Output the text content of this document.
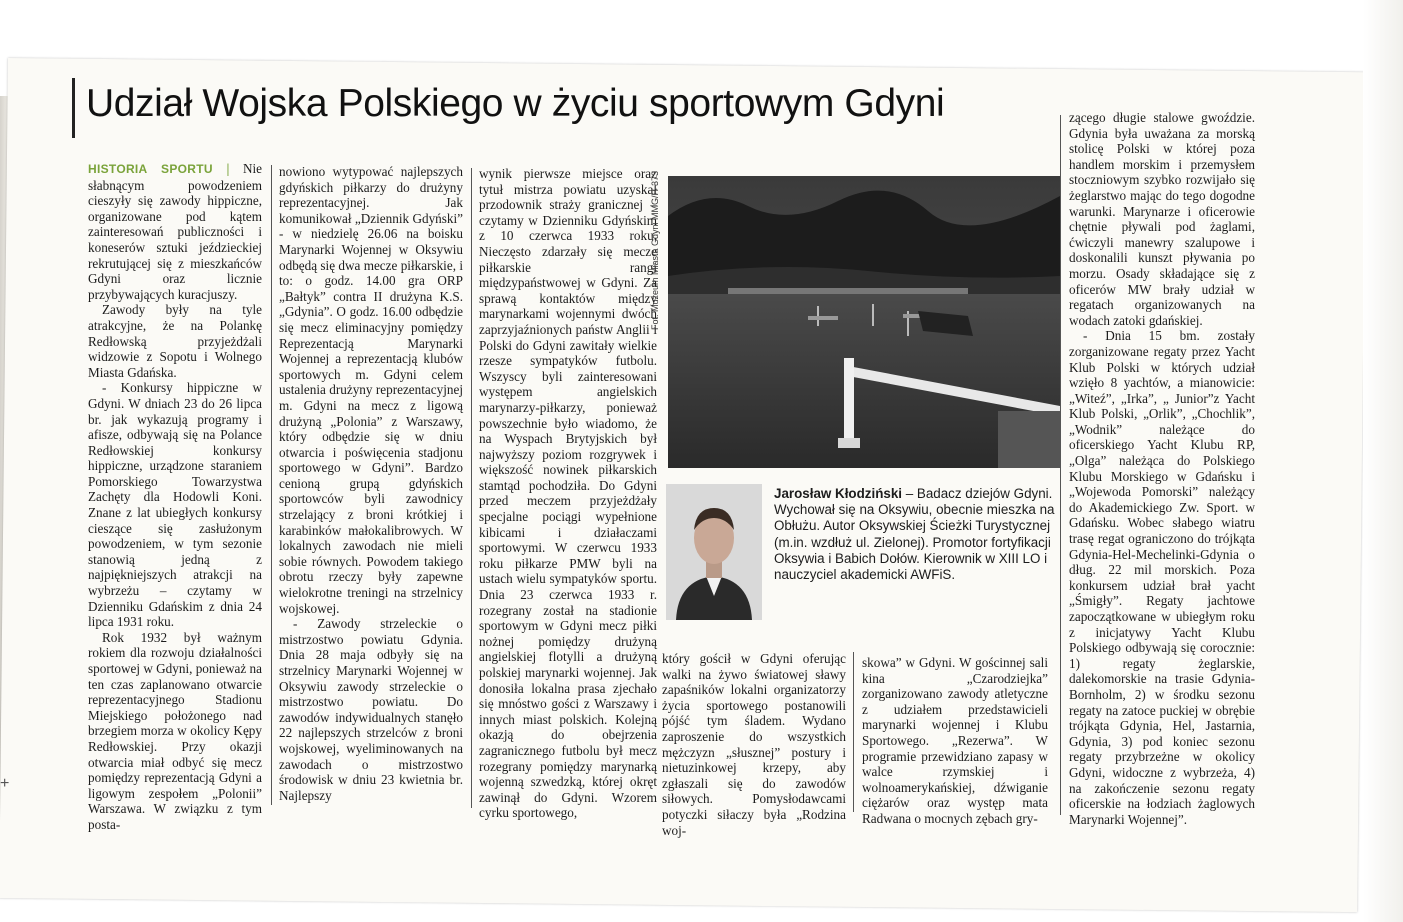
Udział Wojska Polskiego w życiu sportowym Gdyni

HISTORIA SPORTU | Nie słabnącym powodzeniem cieszyły się zawody hippiczne, organizowane pod kątem zainteresowań publiczności i koneserów sztuki jeździeckiej rekrutującej się z mieszkańców Gdyni oraz licznie przybywających kuracjuszy.

Zawody były na tyle atrakcyjne, że na Polankę Redłowską przyjeżdżali widzowie z Sopotu i Wolnego Miasta Gdańska.

- Konkursy hippiczne w Gdyni. W dniach 23 do 26 lipca br. jak wykazują programy i afisze, odbywają się na Polance Redłowskiej konkursy hippiczne, urządzone staraniem Pomorskiego Towarzystwa Zachęty dla Hodowli Koni. Znane z lat ubiegłych konkursy cieszące się zasłużonym powodzeniem, w tym sezonie stanowią jedną z najpiękniejszych atrakcji na wybrzeżu – czytamy w Dzienniku Gdańskim z dnia 24 lipca 1931 roku.

Rok 1932 był ważnym rokiem dla rozwoju działalności sportowej w Gdyni, ponieważ na ten czas zaplanowano otwarcie reprezentacyjnego Stadionu Miejskiego położonego nad brzegiem morza w okolicy Kępy Redłowskiej. Przy okazji otwarcia miał odbyć się mecz pomiędzy reprezentacją Gdyni a ligowym zespołem „Polonii” Warszawa. W związku z tym posta-

nowiono wytypować najlepszych gdyńskich piłkarzy do drużyny reprezentacyjnej. Jak komunikował „Dziennik Gdyński” - w niedzielę 26.06 na boisku Marynarki Wojennej w Oksywiu odbędą się dwa mecze piłkarskie, i to: o godz. 14.00 gra ORP „Bałtyk” contra II drużyna K.S. „Gdynia”. O godz. 16.00 odbędzie się mecz eliminacyjny pomiędzy Reprezentacją Marynarki Wojennej a reprezentacją klubów sportowych m. Gdyni celem ustalenia drużyny reprezentacyjnej m. Gdyni na mecz z ligową drużyną „Polonia” z Warszawy, który odbędzie się w dniu otwarcia i poświęcenia stadjonu sportowego w Gdyni”. Bardzo cenioną grupą gdyńskich sportowców byli zawodnicy strzelający z broni krótkiej i karabinków małokalibrowych. W lokalnych zawodach nie mieli sobie równych. Powodem takiego obrotu rzeczy były zapewne wielokrotne treningi na strzelnicy wojskowej.

- Zawody strzeleckie o mistrzostwo powiatu Gdynia. Dnia 28 maja odbyły się na strzelnicy Marynarki Wojennej w Oksywiu zawody strzeleckie o mistrzostwo powiatu. Do zawodów indywidualnych stanęło 22 najlepszych strzelców z broni wojskowej, wyeliminowanych na zawodach o mistrzostwo środowisk w dniu 23 kwietnia br. Najlepszy

wynik pierwsze miejsce oraz tytuł mistrza powiatu uzyskał przodownik straży granicznej – czytamy w Dzienniku Gdyńskim z 10 czerwca 1933 roku. Nieczęsto zdarzały się mecze piłkarskie rangi międzypaństwowej w Gdyni. Za sprawą kontaktów między marynarkami wojennymi dwóch zaprzyjaźnionych państw Anglii i Polski do Gdyni zawitały wielkie rzesze sympatyków futbolu. Wszyscy byli zainteresowani występem angielskich marynarzy-piłkarzy, ponieważ powszechnie było wiadomo, że na Wyspach Brytyjskich był najwyższy poziom rozgrywek i większość nowinek piłkarskich stamtąd pochodziła. Do Gdyni przed meczem przyjeżdżały specjalne pociągi wypełnione kibicami i działaczami sportowymi. W czerwcu 1933 roku piłkarze PMW byli na ustach wielu sympatyków sportu. Dnia 23 czerwca 1933 r. rozegrany został na stadionie sportowym w Gdyni mecz piłki nożnej pomiędzy drużyną angielskiej flotylli a drużyną polskiej marynarki wojennej. Jak donosiła lokalna prasa zjechało się mnóstwo gości z Warszawy i innych miast polskich. Kolejną okazją do obejrzenia zagranicznego futbolu był mecz rozegrany pomiędzy marynarką wojenną szwedzką, której okręt zawinął do Gdyni. Wzorem cyrku sportowego,

Fot. Muzeum Miasta Gdyni MMG/H-373
Jarosław Kłodziński – Badacz dziejów Gdyni. Wychował się na Oksywiu, obecnie mieszka na Obłużu. Autor Oksywskiej Ścieżki Turystycznej (m.in. wzdłuż ul. Zielonej). Promotor fortyfikacji Oksywia i Babich Dołów. Kierownik w XIII LO i nauczyciel akademicki AWFiS.

który gościł w Gdyni oferując walki na żywo światowej sławy zapaśników lokalni organizatorzy życia sportowego postanowili pójść tym śladem. Wydano zaproszenie do wszystkich mężczyzn „słusznej” postury i nietuzinkowej krzepy, aby zgłaszali się do zawodów siłowych. Pomysłodawcami potyczki siłaczy była „Rodzina woj-

skowa” w Gdyni. W gościnnej sali kina „Czarodziejka” zorganizowano zawody atletyczne z udziałem przedstawicieli marynarki wojennej i Klubu Sportowego. „Rezerwa”. W programie przewidziano zapasy w walce rzymskiej i wolnoamerykańskiej, dźwiganie ciężarów oraz występ mata Radwana o mocnych zębach gry-

zącego długie stalowe gwoździe. Gdynia była uważana za morską stolicę Polski w której poza handlem morskim i przemysłem stoczniowym szybko rozwijało się żeglarstwo mając do tego dogodne warunki. Marynarze i oficerowie chętnie pływali pod żaglami, ćwiczyli manewry szalupowe i doskonalili kunszt pływania po morzu. Osady składające się z oficerów MW brały udział w regatach organizowanych na wodach zatoki gdańskiej.

- Dnia 15 bm. zostały zorganizowane regaty przez Yacht Klub Polski w których udział wzięło 8 yachtów, a mianowicie: „Witeź”, „Irka”, „ Junior”z Yacht Klub Polski, „Orlik”, „Chochlik”, „Wodnik” należące do oficerskiego Yacht Klubu RP, „Olga” należąca do Polskiego Klubu Morskiego w Gdańsku i „Wojewoda Pomorski” należący do Akademickiego Zw. Sport. w Gdańsku. Wobec słabego wiatru trasę regat ograniczono do trójkąta Gdynia-Hel-Mechelinki-Gdynia o dług. 22 mil morskich. Poza konkursem udział brał yacht „Śmigły”. Regaty jachtowe zapoczątkowane w ubiegłym roku z inicjatywy Yacht Klubu Polskiego odbywają się corocznie: 1) regaty żeglarskie, dalekomorskie na trasie Gdynia-Bornholm, 2) w środku sezonu regaty na zatoce puckiej w obrębie trójkąta Gdynia, Hel, Jastarnia, Gdynia, 3) pod koniec sezonu regaty przybrzeżne w okolicy Gdyni, widoczne z wybrzeża, 4) na zakończenie sezonu regaty oficerskie na łodziach żaglowych Marynarki Wojennej”.

+
